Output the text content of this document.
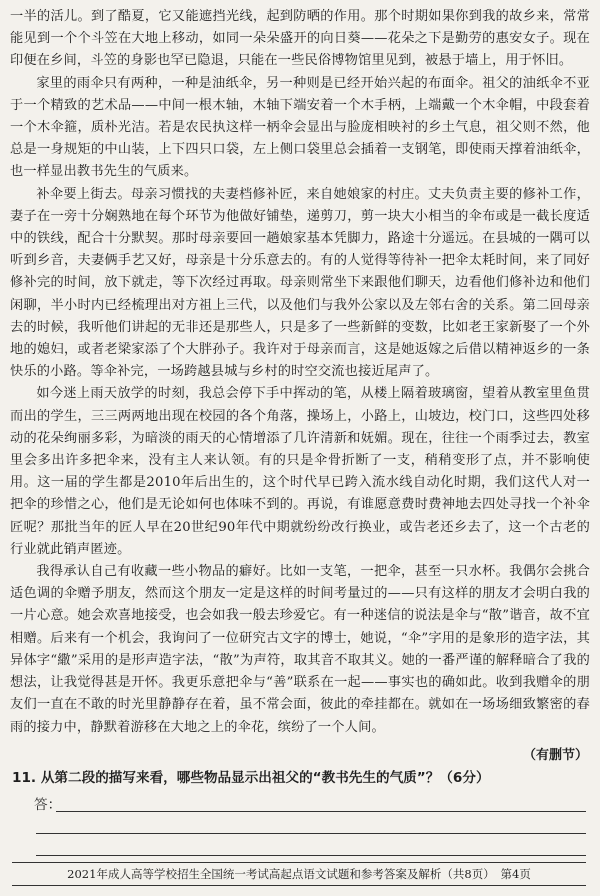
一半的活儿。到了酷夏，它又能遮挡光线，起到防晒的作用。那个时期如果你到我的故乡来，常常能见到一个个斗笠在大地上移动，如同一朵朵盛开的向日葵——花朵之下是勤劳的惠安女子。现在印便在乡间，斗笠的身影也罕已隐退，只能在一些民俗博物馆里见到，被悬于墙上，用于怀旧。

家里的雨伞只有两种，一种是油纸伞，另一种则是已经开始兴起的布面伞。祖父的油纸伞不亚于一个精致的艺术品——中间一根木轴，木轴下端安着一个木手柄，上端戴一个木伞帽，中段套着一个木伞箍，质朴光洁。若是农民执这样一柄伞会显出与脸庞相映衬的乡土气息，祖父则不然，他总是一身规矩的中山装，上下四只口袋，左上侧口袋里总会插着一支钢笔，即使雨天撑着油纸伞，也一样显出教书先生的气质来。

补伞要上街去。母亲习惯找的夫妻档修补匠，来自她娘家的村庄。丈夫负责主要的修补工作，妻子在一旁十分娴熟地在每个环节为他做好铺垫，递剪刀，剪一块大小相当的伞布或是一截长度适中的铁线，配合十分默契。那时母亲要回一趟娘家基本凭脚力，路途十分遥远。在县城的一隅可以听到乡音，夫妻俩手艺又好，母亲是十分乐意去的。有的人觉得等待补一把伞太耗时间，来了同好修补完的时间，放下就走，等下次经过再取。母亲则常坐下来跟他们聊天，边看他们修补边和他们闲聊，半小时内已经梳理出对方祖上三代，以及他们与我外公家以及左邻右舍的关系。第二回母亲去的时候，我听他们讲起的无非还是那些人，只是多了一些新鲜的变数，比如老王家新娶了一个外地的媳妇，或者老梁家添了个大胖孙子。我许对于母亲而言，这是她返嫁之后借以精神返乡的一条快乐的小路。等伞补完，一场跨越县城与乡村的时空交流也接近尾声了。

如今迷上雨天放学的时刻，我总会停下手中挥动的笔，从楼上隔着玻璃窗，望着从教室里鱼贯而出的学生，三三两两地出现在校园的各个角落，操场上，小路上，山坡边，校门口，这些四处移动的花朵绚丽多彩，为暗淡的雨天的心情增添了几许清新和妩媚。现在，往往一个雨季过去，教室里会多出许多把伞来，没有主人来认领。有的只是伞骨折断了一支，稍稍变形了点，并不影响使用。这一届的学生都是2010年后出生的，这个时代早已跨入流水线自动化时期，我们这代人对一把伞的珍惜之心，他们是无论如何也体味不到的。再说，有谁愿意费时费神地去四处寻找一个补伞匠呢？那批当年的匠人早在20世纪90年代中期就纷纷改行换业，或告老还乡去了，这一个古老的行业就此销声匿迹。

我得承认自己有收藏一些小物品的癖好。比如一支笔，一把伞，甚至一只水杯。我偶尔会挑合适色调的伞赠予朋友，然而这个朋友一定是这样的时间考量过的——只有这样的朋友才会明白我的一片心意。她会欢喜地接受，也会如我一般去珍爱它。有一种迷信的说法是伞与“散”谐音，故不宜相赠。后来有一个机会，我询问了一位研究古文字的博士，她说，“伞”字用的是象形的造字法，其异体字“繖”采用的是形声造字法，“散”为声符，取其音不取其义。她的一番严谨的解释暗合了我的想法，让我觉得甚是开怀。我更乐意把伞与“善”联系在一起——事实也的确如此。收到我赠伞的朋友们一直在不敢的时光里静静存在着，虽不常会面，彼此的牵挂都在。就如在一场场细致繁密的春雨的接力中，静默着游移在大地之上的伞花，缤纷了一个人间。

（有删节）
11. 从第二段的描写来看，哪些物品显示出祖父的“教书先生的气质”？（6分）
答：
2021年成人高等学校招生全国统一考试高起点语文试题和参考答案及解析（共8页）　第4页
